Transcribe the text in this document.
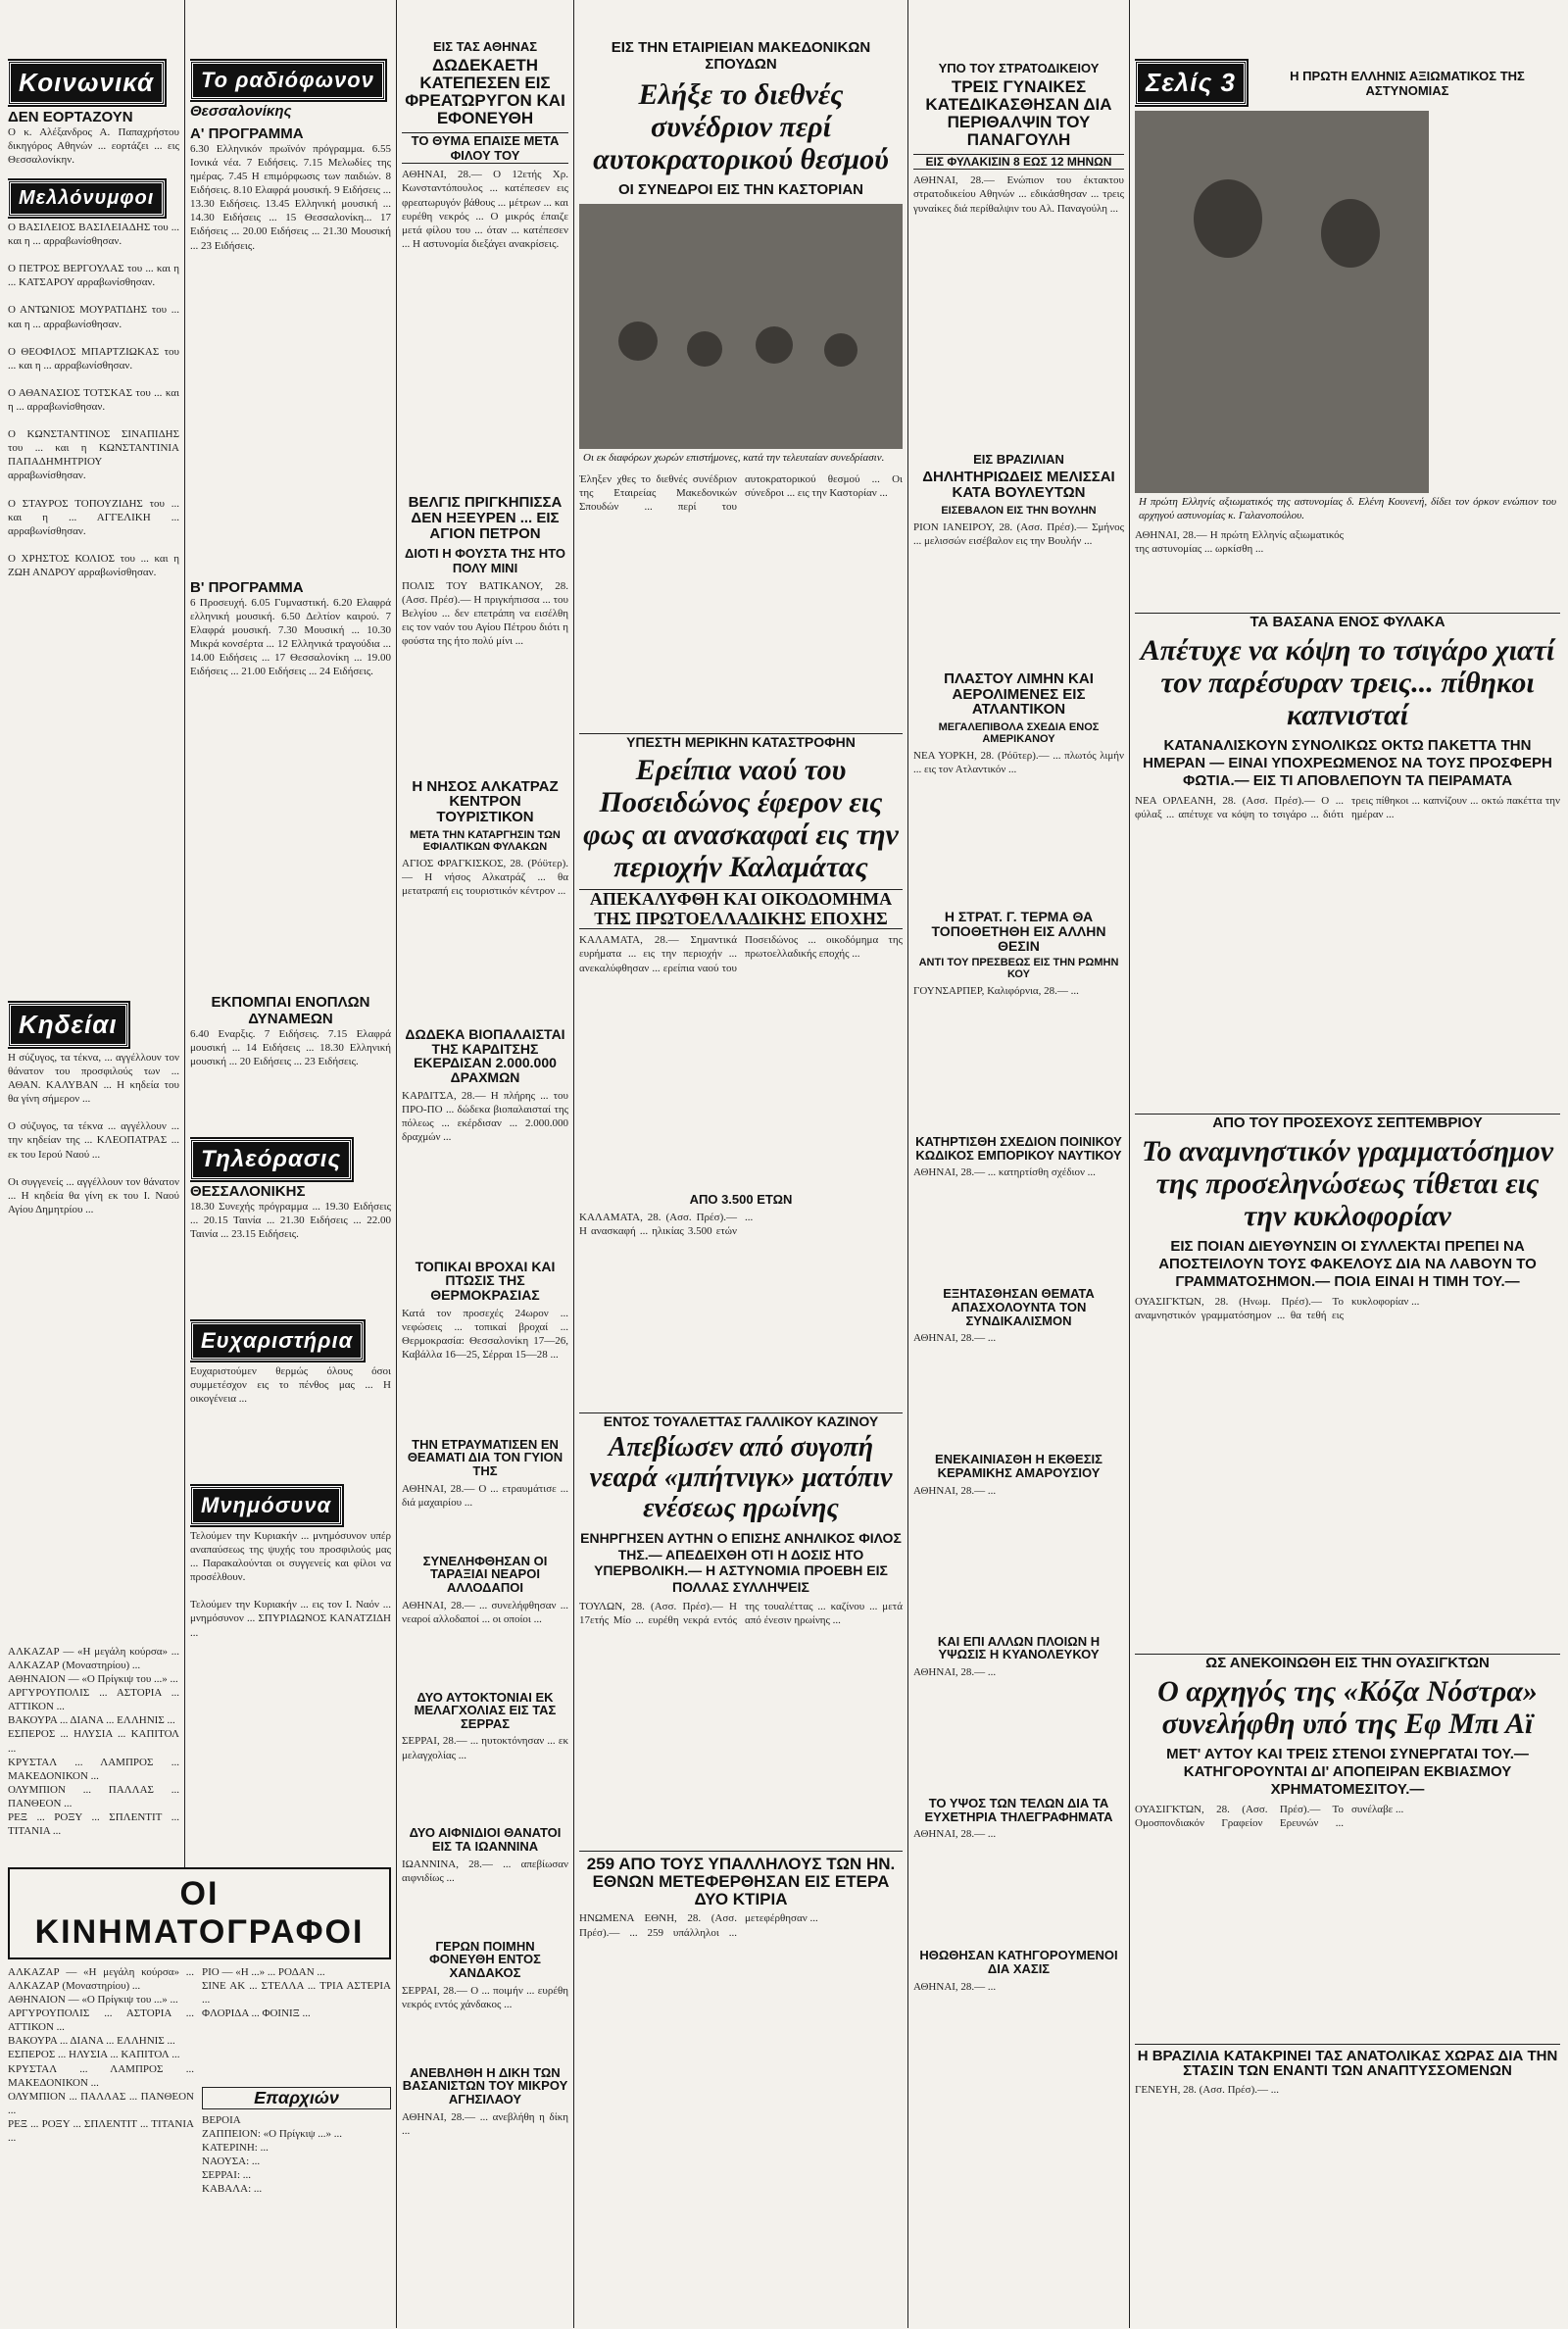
Κοινωνικά
ΔΕΝ ΕΟΡΤΑΖΟΥΝ
Ο κ. Αλέξανδρος Α. Παπαχρήστου δικηγόρος Αθηνών ... εορτάζει ... εις Θεσσαλονίκην.
Μελλόνυμφοι
Ο ΒΑΣΙΛΕΙΟΣ ΒΑΣΙΛΕΙΑΔΗΣ του ... και η ... αρραβωνίσθησαν.

Ο ΠΕΤΡΟΣ ΒΕΡΓΟΥΛΑΣ του ... και η ... ΚΑΤΣΑΡΟΥ αρραβωνίσθησαν.

Ο ΑΝΤΩΝΙΟΣ ΜΟΥΡΑΤΙΔΗΣ του ... και η ... αρραβωνίσθησαν.

Ο ΘΕΟΦΙΛΟΣ ΜΠΑΡΤΖΙΩΚΑΣ του ... και η ... αρραβωνίσθησαν.

Ο ΑΘΑΝΑΣΙΟΣ ΤΟΤΣΚΑΣ του ... και η ... αρραβωνίσθησαν.

Ο ΚΩΝΣΤΑΝΤΙΝΟΣ ΣΙΝΑΠΙΔΗΣ του ... και η ΚΩΝΣΤΑΝΤΙΝΙΑ ΠΑΠΑΔΗΜΗΤΡΙΟΥ αρραβωνίσθησαν.

Ο ΣΤΑΥΡΟΣ ΤΟΠΟΥΖΙΔΗΣ του ... και η ... ΑΓΓΕΛΙΚΗ ... αρραβωνίσθησαν.

Ο ΧΡΗΣΤΟΣ ΚΟΛΙΟΣ του ... και η ΖΩΗ ΑΝΔΡΟΥ αρραβωνίσθησαν.
Κηδείαι
Η σύζυγος, τα τέκνα, ... αγγέλλουν τον θάνατον του προσφιλούς των ... ΑΘΑΝ. ΚΑΛΥΒΑΝ ... Η κηδεία του θα γίνη σήμερον ...

Ο σύζυγος, τα τέκνα ... αγγέλλουν ... την κηδείαν της ... ΚΛΕΟΠΑΤΡΑΣ ... εκ του Ιερού Ναού ...

Οι συγγενείς ... αγγέλλουν τον θάνατον ... Η κηδεία θα γίνη εκ του Ι. Ναού Αγίου Δημητρίου ...
ΑΛΚΑΖΑΡ — «Η μεγάλη κούρσα» ... ΑΛΚΑΖΑΡ (Μοναστηρίου) ...
ΑΘΗΝΑΙΟΝ — «Ο Πρίγκιψ του ...» ...
ΑΡΓΥΡΟΥΠΟΛΙΣ ... ΑΣΤΟΡΙΑ ... ΑΤΤΙΚΟΝ ...
ΒΑΚΟΥΡΑ ... ΔΙΑΝΑ ... ΕΛΛΗΝΙΣ ...
ΕΣΠΕΡΟΣ ... ΗΛΥΣΙΑ ... ΚΑΠΙΤΟΛ ...
ΚΡΥΣΤΑΛ ... ΛΑΜΠΡΟΣ ... ΜΑΚΕΔΟΝΙΚΟΝ ...
ΟΛΥΜΠΙΟΝ ... ΠΑΛΛΑΣ ... ΠΑΝΘΕΟΝ ...
ΡΕΞ ... ΡΟΞΥ ... ΣΠΛΕΝΤΙΤ ... ΤΙΤΑΝΙΑ ...
Το ραδιόφωνον
Θεσσαλονίκης
Α' ΠΡΟΓΡΑΜΜΑ
6.30 Ελληνικόν πρωϊνόν πρόγραμμα. 6.55 Ιονικά νέα. 7 Ειδήσεις. 7.15 Μελωδίες της ημέρας. 7.45 Η επιμόρφωσις των παιδιών. 8 Ειδήσεις. 8.10 Ελαφρά μουσική. 9 Ειδήσεις ... 13.30 Ειδήσεις. 13.45 Ελληνική μουσική ... 14.30 Ειδήσεις ... 15 Θεσσαλονίκη... 17 Ειδήσεις ... 20.00 Ειδήσεις ... 21.30 Μουσική ... 23 Ειδήσεις.
Β' ΠΡΟΓΡΑΜΜΑ
6 Προσευχή. 6.05 Γυμναστική. 6.20 Ελαφρά ελληνική μουσική. 6.50 Δελτίον καιρού. 7 Ελαφρά μουσική. 7.30 Μουσική ... 10.30 Μικρά κονσέρτα ... 12 Ελληνικά τραγούδια ... 14.00 Ειδήσεις ... 17 Θεσσαλονίκη ... 19.00 Ειδήσεις ... 21.00 Ειδήσεις ... 24 Ειδήσεις.
ΕΚΠΟΜΠΑΙ ΕΝΟΠΛΩΝ ΔΥΝΑΜΕΩΝ
6.40 Εναρξις. 7 Ειδήσεις. 7.15 Ελαφρά μουσική ... 14 Ειδήσεις ... 18.30 Ελληνική μουσική ... 20 Ειδήσεις ... 23 Ειδήσεις.
Τηλεόρασις
ΘΕΣΣΑΛΟΝΙΚΗΣ
18.30 Συνεχής πρόγραμμα ... 19.30 Ειδήσεις ... 20.15 Ταινία ... 21.30 Ειδήσεις ... 22.00 Ταινία ... 23.15 Ειδήσεις.
Ευχαριστήρια
Ευχαριστούμεν θερμώς όλους όσοι συμμετέσχον εις το πένθος μας ... Η οικογένεια ...
Μνημόσυνα
Τελούμεν την Κυριακήν ... μνημόσυνον υπέρ αναπαύσεως της ψυχής του προσφιλούς μας ... Παρακαλούνται οι συγγενείς και φίλοι να προσέλθουν.

Τελούμεν την Κυριακήν ... εις τον Ι. Ναόν ... μνημόσυνον ... ΣΠΥΡΙΔΩΝΟΣ ΚΑΝΑΤΖΙΔΗ ...
ΟΙ ΚΙΝΗΜΑΤΟΓΡΑΦΟΙ
ΑΛΚΑΖΑΡ — «Η μεγάλη κούρσα» ... ΑΛΚΑΖΑΡ (Μοναστηρίου) ...
ΑΘΗΝΑΙΟΝ — «Ο Πρίγκιψ του ...» ...
ΑΡΓΥΡΟΥΠΟΛΙΣ ... ΑΣΤΟΡΙΑ ... ΑΤΤΙΚΟΝ ...
ΒΑΚΟΥΡΑ ... ΔΙΑΝΑ ... ΕΛΛΗΝΙΣ ...
ΕΣΠΕΡΟΣ ... ΗΛΥΣΙΑ ... ΚΑΠΙΤΟΛ ...
ΚΡΥΣΤΑΛ ... ΛΑΜΠΡΟΣ ... ΜΑΚΕΔΟΝΙΚΟΝ ...
ΟΛΥΜΠΙΟΝ ... ΠΑΛΛΑΣ ... ΠΑΝΘΕΟΝ ...
ΡΕΞ ... ΡΟΞΥ ... ΣΠΛΕΝΤΙΤ ... ΤΙΤΑΝΙΑ ...
ΡΙΟ — «Η ...» ... ΡΟΔΑΝ ...
ΣΙΝΕ ΑΚ ... ΣΤΕΛΛΑ ... ΤΡΙΑ ΑΣΤΕΡΙΑ ...
ΦΛΟΡΙΔΑ ... ΦΟΙΝΙΞ ...
Επαρχιών
ΒΕΡΟΙΑ
ΖΑΠΠΕΙΟΝ: «Ο Πρίγκιψ ...» ...
ΚΑΤΕΡΙΝΗ: ...
ΝΑΟΥΣΑ: ...
ΣΕΡΡΑΙ: ...
ΚΑΒΑΛΑ: ...
ΕΙΣ ΤΑΣ ΑΘΗΝΑΣ
ΔΩΔΕΚΑΕΤΗ ΚΑΤΕΠΕΣΕΝ ΕΙΣ ΦΡΕΑΤΩΡΥΓΟΝ ΚΑΙ ΕΦΟΝΕΥΘΗ
ΤΟ ΘΥΜΑ ΕΠΑΙΣΕ ΜΕΤΑ ΦΙΛΟΥ ΤΟΥ
ΑΘΗΝΑΙ, 28.— Ο 12ετής Χρ. Κωνσταντόπουλος ... κατέπεσεν εις φρεατωρυγόν βάθους ... μέτρων ... και ευρέθη νεκρός ... Ο μικρός έπαιζε μετά φίλου του ... όταν ... κατέπεσεν ... Η αστυνομία διεξάγει ανακρίσεις.
ΒΕΛΓΙΣ ΠΡΙΓΚΗΠΙΣΣΑ ΔΕΝ ΗΞΕΥΡΕΝ ... ΕΙΣ ΑΓΙΟΝ ΠΕΤΡΟΝ
ΔΙΟΤΙ Η ΦΟΥΣΤΑ ΤΗΣ ΗΤΟ ΠΟΛΥ ΜΙΝΙ
ΠΟΛΙΣ ΤΟΥ ΒΑΤΙΚΑΝΟΥ, 28. (Ασσ. Πρέσ).— Η πριγκήπισσα ... του Βελγίου ... δεν επετράπη να εισέλθη εις τον ναόν του Αγίου Πέτρου διότι η φούστα της ήτο πολύ μίνι ...
Η ΝΗΣΟΣ ΑΛΚΑΤΡΑΖ ΚΕΝΤΡΟΝ ΤΟΥΡΙΣΤΙΚΟΝ
ΜΕΤΑ ΤΗΝ ΚΑΤΑΡΓΗΣΙΝ ΤΩΝ ΕΦΙΑΛΤΙΚΩΝ ΦΥΛΑΚΩΝ
ΑΓΙΟΣ ΦΡΑΓΚΙΣΚΟΣ, 28. (Ρόϋτερ).— Η νήσος Αλκατράζ ... θα μετατραπή εις τουριστικόν κέντρον ...
ΔΩΔΕΚΑ ΒΙΟΠΑΛΑΙΣΤΑΙ ΤΗΣ ΚΑΡΔΙΤΣΗΣ ΕΚΕΡΔΙΣΑΝ 2.000.000 ΔΡΑΧΜΩΝ
ΚΑΡΔΙΤΣΑ, 28.— Η πλήρης ... του ΠΡΟ-ΠΟ ... δώδεκα βιοπαλαισταί της πόλεως ... εκέρδισαν ... 2.000.000 δραχμών ...
ΤΟΠΙΚΑΙ ΒΡΟΧΑΙ ΚΑΙ ΠΤΩΣΙΣ ΤΗΣ ΘΕΡΜΟΚΡΑΣΙΑΣ
Κατά τον προσεχές 24ωρον ... νεφώσεις ... τοπικαί βροχαί ... Θερμοκρασία: Θεσσαλονίκη 17—26, Καβάλλα 16—25, Σέρραι 15—28 ...
ΤΗΝ ΕΤΡΑΥΜΑΤΙΣΕΝ ΕΝ ΘΕΑΜΑΤΙ ΔΙΑ ΤΟΝ ΓΥΙΟΝ ΤΗΣ
ΑΘΗΝΑΙ, 28.— Ο ... ετραυμάτισε ... διά μαχαιρίου ...
ΣΥΝΕΛΗΦΘΗΣΑΝ ΟΙ ΤΑΡΑΞΙΑΙ ΝΕΑΡΟΙ ΑΛΛΟΔΑΠΟΙ
ΑΘΗΝΑΙ, 28.— ... συνελήφθησαν ... νεαροί αλλοδαποί ... οι οποίοι ...
ΔΥΟ ΑΥΤΟΚΤΟΝΙΑΙ ΕΚ ΜΕΛΑΓΧΟΛΙΑΣ ΕΙΣ ΤΑΣ ΣΕΡΡΑΣ
ΣΕΡΡΑΙ, 28.— ... ηυτοκτόνησαν ... εκ μελαγχολίας ...
ΔΥΟ ΑΙΦΝΙΔΙΟΙ ΘΑΝΑΤΟΙ ΕΙΣ ΤΑ ΙΩΑΝΝΙΝΑ
ΙΩΑΝΝΙΝΑ, 28.— ... απεβίωσαν αιφνιδίως ...
ΓΕΡΩΝ ΠΟΙΜΗΝ ΦΟΝΕΥΘΗ ΕΝΤΟΣ ΧΑΝΔΑΚΟΣ
ΣΕΡΡΑΙ, 28.— Ο ... ποιμήν ... ευρέθη νεκρός εντός χάνδακος ...
ΑΝΕΒΛΗΘΗ Η ΔΙΚΗ ΤΩΝ ΒΑΣΑΝΙΣΤΩΝ ΤΟΥ ΜΙΚΡΟΥ ΑΓΗΣΙΛΑΟΥ
ΑΘΗΝΑΙ, 28.— ... ανεβλήθη η δίκη ...
ΕΙΣ ΤΗΝ ΕΤΑΙΡΙΕΙΑΝ ΜΑΚΕΔΟΝΙΚΩΝ ΣΠΟΥΔΩΝ
Ελήξε το διεθνές συνέδριον περί αυτοκρατορικού θεσμού
ΟΙ ΣΥΝΕΔΡΟΙ ΕΙΣ ΤΗΝ ΚΑΣΤΟΡΙΑΝ
Οι εκ διαφόρων χωρών επιστήμονες, κατά την τελευταίαν συνεδρίασιν.
Έληξεν χθες το διεθνές συνέδριον της Εταιρείας Μακεδονικών Σπουδών ... περί του αυτοκρατορικού θεσμού ... Οι σύνεδροι ... εις την Καστορίαν ...
ΥΠΕΣΤΗ ΜΕΡΙΚΗΝ ΚΑΤΑΣΤΡΟΦΗΝ
Ερείπια ναού του Ποσειδώνος έφερον εις φως αι ανασκαφαί εις την περιοχήν Καλαμάτας
ΑΠΕΚΑΛΥΦΘΗ ΚΑΙ ΟΙΚΟΔΟΜΗΜΑ ΤΗΣ ΠΡΩΤΟΕΛΛΑΔΙΚΗΣ ΕΠΟΧΗΣ
ΚΑΛΑΜΑΤΑ, 28.— Σημαντικά ευρήματα ... εις την περιοχήν ... ανεκαλύφθησαν ... ερείπια ναού του Ποσειδώνος ... οικοδόμημα της πρωτοελλαδικής εποχής ...
ΑΠΟ 3.500 ΕΤΩΝ
ΚΑΛΑΜΑΤΑ, 28. (Ασσ. Πρέσ).— Η ανασκαφή ... ηλικίας 3.500 ετών ...
ΕΝΤΟΣ ΤΟΥΑΛΕΤΤΑΣ ΓΑΛΛΙΚΟΥ ΚΑΖΙΝΟΥ
Απεβίωσεν από συγοπή νεαρά «μπήτνιγκ» ματόπιν ενέσεως ηρωίνης
ΕΝΗΡΓΗΣΕΝ ΑΥΤΗΝ Ο ΕΠΙΣΗΣ ΑΝΗΛΙΚΟΣ ΦΙΛΟΣ ΤΗΣ.— ΑΠΕΔΕΙΧΘΗ ΟΤΙ Η ΔΟΣΙΣ ΗΤΟ ΥΠΕΡΒΟΛΙΚΗ.— Η ΑΣΤΥΝΟΜΙΑ ΠΡΟΕΒΗ ΕΙΣ ΠΟΛΛΑΣ ΣΥΛΛΗΨΕΙΣ
ΤΟΥΛΩΝ, 28. (Ασσ. Πρέσ).— Η 17ετής Μίο ... ευρέθη νεκρά εντός της τουαλέττας ... καζίνου ... μετά από ένεσιν ηρωίνης ...
259 ΑΠΟ ΤΟΥΣ ΥΠΑΛΛΗΛΟΥΣ ΤΩΝ ΗΝ. ΕΘΝΩΝ ΜΕΤΕΦΕΡΘΗΣΑΝ ΕΙΣ ΕΤΕΡΑ ΔΥΟ ΚΤΙΡΙΑ
ΗΝΩΜΕΝΑ ΕΘΝΗ, 28. (Ασσ. Πρέσ).— ... 259 υπάλληλοι ... μετεφέρθησαν ...
ΥΠΟ ΤΟΥ ΣΤΡΑΤΟΔΙΚΕΙΟΥ
ΤΡΕΙΣ ΓΥΝΑΙΚΕΣ ΚΑΤΕΔΙΚΑΣΘΗΣΑΝ ΔΙΑ ΠΕΡΙΘΑΛΨΙΝ ΤΟΥ ΠΑΝΑΓΟΥΛΗ
ΕΙΣ ΦΥΛΑΚΙΣΙΝ 8 ΕΩΣ 12 ΜΗΝΩΝ
ΑΘΗΝΑΙ, 28.— Ενώπιον του έκτακτου στρατοδικείου Αθηνών ... εδικάσθησαν ... τρεις γυναίκες διά περίθαλψιν του Αλ. Παναγούλη ...
ΕΙΣ ΒΡΑΖΙΛΙΑΝ
ΔΗΛΗΤΗΡΙΩΔΕΙΣ ΜΕΛΙΣΣΑΙ ΚΑΤΑ ΒΟΥΛΕΥΤΩΝ
ΕΙΣΕΒΑΛΟΝ ΕΙΣ ΤΗΝ ΒΟΥΛΗΝ
ΡΙΟΝ ΙΑΝΕΙΡΟΥ, 28. (Ασσ. Πρέσ).— Σμήνος ... μελισσών εισέβαλον εις την Βουλήν ...
ΠΛΑΣΤΟΥ ΛΙΜΗΝ ΚΑΙ ΑΕΡΟΛΙΜΕΝΕΣ ΕΙΣ ΑΤΛΑΝΤΙΚΟΝ
ΜΕΓΑΛΕΠΙΒΟΛΑ ΣΧΕΔΙΑ ΕΝΟΣ ΑΜΕΡΙΚΑΝΟΥ
ΝΕΑ ΥΟΡΚΗ, 28. (Ρόϋτερ).— ... πλωτός λιμήν ... εις τον Ατλαντικόν ...
Η ΣΤΡΑΤ. Γ. ΤΕΡΜΑ ΘΑ ΤΟΠΟΘΕΤΗΘΗ ΕΙΣ ΑΛΛΗΝ ΘΕΣΙΝ
ΑΝΤΙ ΤΟΥ ΠΡΕΣΒΕΩΣ ΕΙΣ ΤΗΝ ΡΩΜΗΝ ΚΟΥ
ΓΟΥΝΣΑΡΠΕΡ, Καλιφόρνια, 28.— ...
ΚΑΤΗΡΤΙΣΘΗ ΣΧΕΔΙΟΝ ΠΟΙΝΙΚΟΥ ΚΩΔΙΚΟΣ ΕΜΠΟΡΙΚΟΥ ΝΑΥΤΙΚΟΥ
ΑΘΗΝΑΙ, 28.— ... κατηρτίσθη σχέδιον ...
ΕΞΗΤΑΣΘΗΣΑΝ ΘΕΜΑΤΑ ΑΠΑΣΧΟΛΟΥΝΤΑ ΤΟΝ ΣΥΝΔΙΚΑΛΙΣΜΟΝ
ΑΘΗΝΑΙ, 28.— ...
ΕΝΕΚΑΙΝΙΑΣΘΗ Η ΕΚΘΕΣΙΣ ΚΕΡΑΜΙΚΗΣ ΑΜΑΡΟΥΣΙΟΥ
ΑΘΗΝΑΙ, 28.— ...
ΚΑΙ ΕΠΙ ΑΛΛΩΝ ΠΛΟΙΩΝ Η ΥΨΩΣΙΣ Η ΚΥΑΝΟΛΕΥΚΟΥ
ΑΘΗΝΑΙ, 28.— ...
ΤΟ ΥΨΟΣ ΤΩΝ ΤΕΛΩΝ ΔΙΑ ΤΑ ΕΥΧΕΤΗΡΙΑ ΤΗΛΕΓΡΑΦΗΜΑΤΑ
ΑΘΗΝΑΙ, 28.— ...
ΗΘΩΘΗΣΑΝ ΚΑΤΗΓΟΡΟΥΜΕΝΟΙ ΔΙΑ ΧΑΣΙΣ
ΑΘΗΝΑΙ, 28.— ...
Σελίς 3	Η ΠΡΩΤΗ ΕΛΛΗΝΙΣ ΑΞΙΩΜΑΤΙΚΟΣ ΤΗΣ ΑΣΤΥΝΟΜΙΑΣ
Η πρώτη Ελληνίς αξιωματικός της αστυνομίας δ. Ελένη Κουνενή, δίδει τον όρκον ενώπιον του αρχηγού αστυνομίας κ. Γαλανοπούλου.
ΑΘΗΝΑΙ, 28.— Η πρώτη Ελληνίς αξιωματικός της αστυνομίας ... ωρκίσθη ...
ΤΑ ΒΑΣΑΝΑ ΕΝΟΣ ΦΥΛΑΚΑ
Απέτυχε να κόψη το τσιγάρο χιατί τον παρέσυραν τρεις... πίθηκοι καπνισταί
ΚΑΤΑΝΑΛΙΣΚΟΥΝ ΣΥΝΟΛΙΚΩΣ ΟΚΤΩ ΠΑΚΕΤΤΑ ΤΗΝ ΗΜΕΡΑΝ — ΕΙΝΑΙ ΥΠΟΧΡΕΩΜΕΝΟΣ ΝΑ ΤΟΥΣ ΠΡΟΣΦΕΡΗ ΦΩΤΙΑ.— ΕΙΣ ΤΙ ΑΠΟΒΛΕΠΟΥΝ ΤΑ ΠΕΙΡΑΜΑΤΑ
ΝΕΑ ΟΡΛΕΑΝΗ, 28. (Ασσ. Πρέσ).— Ο ... φύλαξ ... απέτυχε να κόψη το τσιγάρο ... διότι τρεις πίθηκοι ... καπνίζουν ... οκτώ πακέττα την ημέραν ...
ΑΠΟ ΤΟΥ ΠΡΟΣΕΧΟΥΣ ΣΕΠΤΕΜΒΡΙΟΥ
Το αναμνηστικόν γραμματόσημον της προσεληνώσεως τίθεται εις την κυκλοφορίαν
ΕΙΣ ΠΟΙΑΝ ΔΙΕΥΘΥΝΣΙΝ ΟΙ ΣΥΛΛΕΚΤΑΙ ΠΡΕΠΕΙ ΝΑ ΑΠΟΣΤΕΙΛΟΥΝ ΤΟΥΣ ΦΑΚΕΛΟΥΣ ΔΙΑ ΝΑ ΛΑΒΟΥΝ ΤΟ ΓΡΑΜΜΑΤΟΣΗΜΟΝ.— ΠΟΙΑ ΕΙΝΑΙ Η ΤΙΜΗ ΤΟΥ.—
ΟΥΑΣΙΓΚΤΩΝ, 28. (Ηνωμ. Πρέσ).— Το αναμνηστικόν γραμματόσημον ... θα τεθή εις κυκλοφορίαν ...
ΩΣ ΑΝΕΚΟΙΝΩΘΗ ΕΙΣ ΤΗΝ ΟΥΑΣΙΓΚΤΩΝ
Ο αρχηγός της «Κόζα Νόστρα» συνελήφθη υπό της Εφ Μπι Αϊ
ΜΕΤ' ΑΥΤΟΥ ΚΑΙ ΤΡΕΙΣ ΣΤΕΝΟΙ ΣΥΝΕΡΓΑΤΑΙ ΤΟΥ.— ΚΑΤΗΓΟΡΟΥΝΤΑΙ ΔΙ' ΑΠΟΠΕΙΡΑΝ ΕΚΒΙΑΣΜΟΥ ΧΡΗΜΑΤΟΜΕΣΙΤΟΥ.—
ΟΥΑΣΙΓΚΤΩΝ, 28. (Ασσ. Πρέσ).— Το Ομοσπονδιακόν Γραφείον Ερευνών ... συνέλαβε ...
Η ΒΡΑΖΙΛΙΑ ΚΑΤΑΚΡΙΝΕΙ ΤΑΣ ΑΝΑΤΟΛΙΚΑΣ ΧΩΡΑΣ ΔΙΑ ΤΗΝ ΣΤΑΣΙΝ ΤΩΝ ΕΝΑΝΤΙ ΤΩΝ ΑΝΑΠΤΥΣΣΟΜΕΝΩΝ
ΓΕΝΕΥΗ, 28. (Ασσ. Πρέσ).— ...
